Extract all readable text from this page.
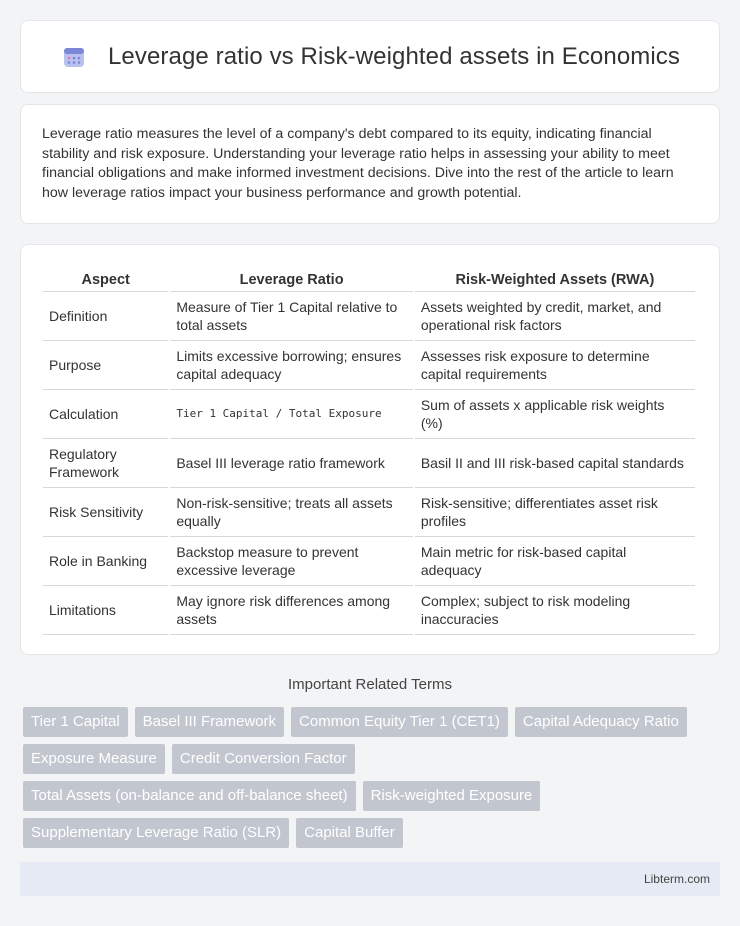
Leverage ratio vs Risk-weighted assets in Economics

Leverage ratio measures the level of a company's debt compared to its equity, indicating financial stability and risk exposure. Understanding your leverage ratio helps in assessing your ability to meet financial obligations and make informed investment decisions. Dive into the rest of the article to learn how leverage ratios impact your business performance and growth potential.

Aspect	Leverage Ratio	Risk-Weighted Assets (RWA)
Definition	Measure of Tier 1 Capital relative to total assets	Assets weighted by credit, market, and operational risk factors
Purpose	Limits excessive borrowing; ensures capital adequacy	Assesses risk exposure to determine capital requirements
Calculation	Tier 1 Capital / Total Exposure	Sum of assets x applicable risk weights (%)
Regulatory Framework	Basel III leverage ratio framework	Basil II and III risk-based capital standards
Risk Sensitivity	Non-risk-sensitive; treats all assets equally	Risk-sensitive; differentiates asset risk profiles
Role in Banking	Backstop measure to prevent excessive leverage	Main metric for risk-based capital adequacy
Limitations	May ignore risk differences among assets	Complex; subject to risk modeling inaccuracies
Important Related Terms
Tier 1 Capital	Basel III Framework	Common Equity Tier 1 (CET1)	Capital Adequacy Ratio
Exposure Measure	Credit Conversion Factor
Total Assets (on-balance and off-balance sheet)	Risk-weighted Exposure
Supplementary Leverage Ratio (SLR)	Capital Buffer
Libterm.com
